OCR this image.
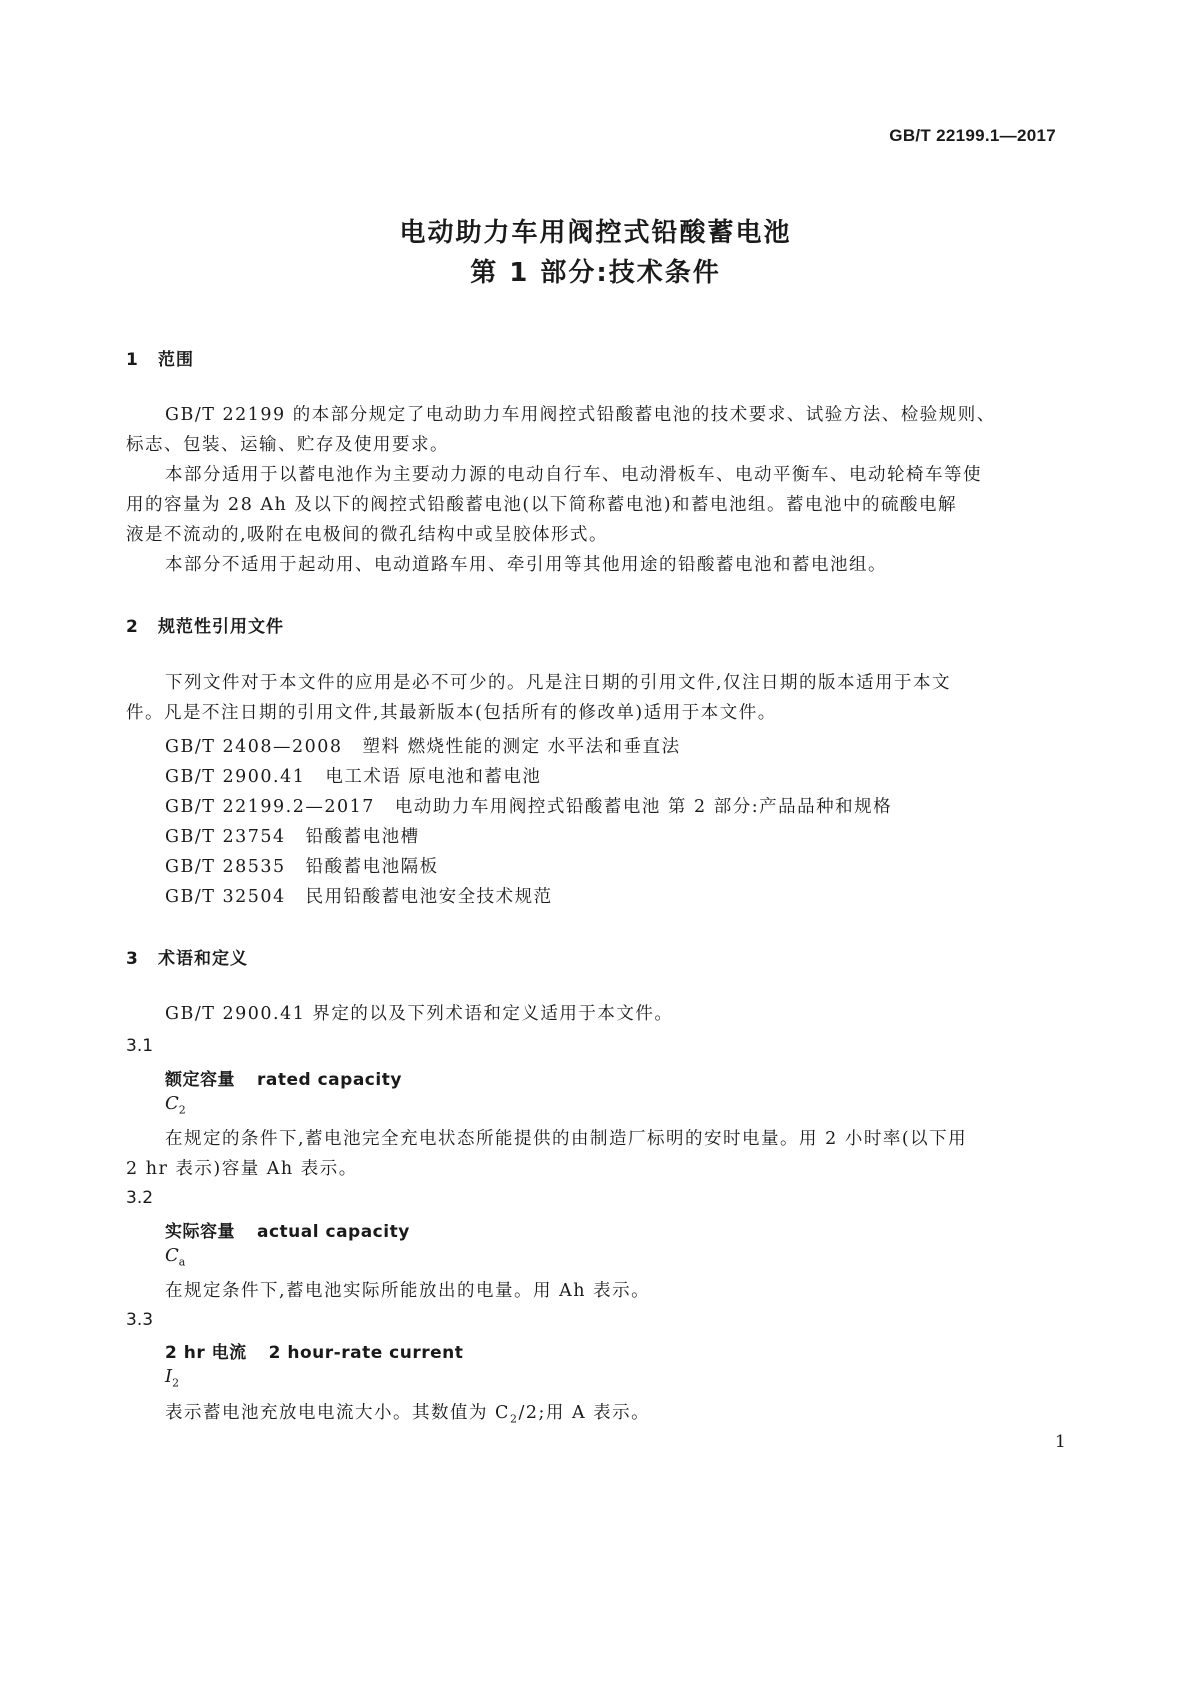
GB/T 22199.1—2017
电动助力车用阀控式铅酸蓄电池
第 1 部分:技术条件
1 范围
GB/T 22199 的本部分规定了电动助力车用阀控式铅酸蓄电池的技术要求、试验方法、检验规则、
标志、包装、运输、贮存及使用要求。
本部分适用于以蓄电池作为主要动力源的电动自行车、电动滑板车、电动平衡车、电动轮椅车等使
用的容量为 28 Ah 及以下的阀控式铅酸蓄电池(以下简称蓄电池)和蓄电池组。蓄电池中的硫酸电解
液是不流动的,吸附在电极间的微孔结构中或呈胶体形式。
本部分不适用于起动用、电动道路车用、牵引用等其他用途的铅酸蓄电池和蓄电池组。
2 规范性引用文件
下列文件对于本文件的应用是必不可少的。凡是注日期的引用文件,仅注日期的版本适用于本文
件。凡是不注日期的引用文件,其最新版本(包括所有的修改单)适用于本文件。
GB/T 2408—2008 塑料 燃烧性能的测定 水平法和垂直法
GB/T 2900.41 电工术语 原电池和蓄电池
GB/T 22199.2—2017 电动助力车用阀控式铅酸蓄电池 第 2 部分:产品品种和规格
GB/T 23754 铅酸蓄电池槽
GB/T 28535 铅酸蓄电池隔板
GB/T 32504 民用铅酸蓄电池安全技术规范
3 术语和定义
GB/T 2900.41 界定的以及下列术语和定义适用于本文件。
3.1
额定容量 rated capacity
$C_2$
在规定的条件下,蓄电池完全充电状态所能提供的由制造厂标明的安时电量。用 2 小时率(以下用
2 hr 表示)容量 Ah 表示。
3.2
实际容量 actual capacity
$C_a$
在规定条件下,蓄电池实际所能放出的电量。用 Ah 表示。
3.3
2 hr 电流 2 hour-rate current
$I_2$
表示蓄电池充放电电流大小。其数值为 $C_2/2$;用 A 表示。
1
